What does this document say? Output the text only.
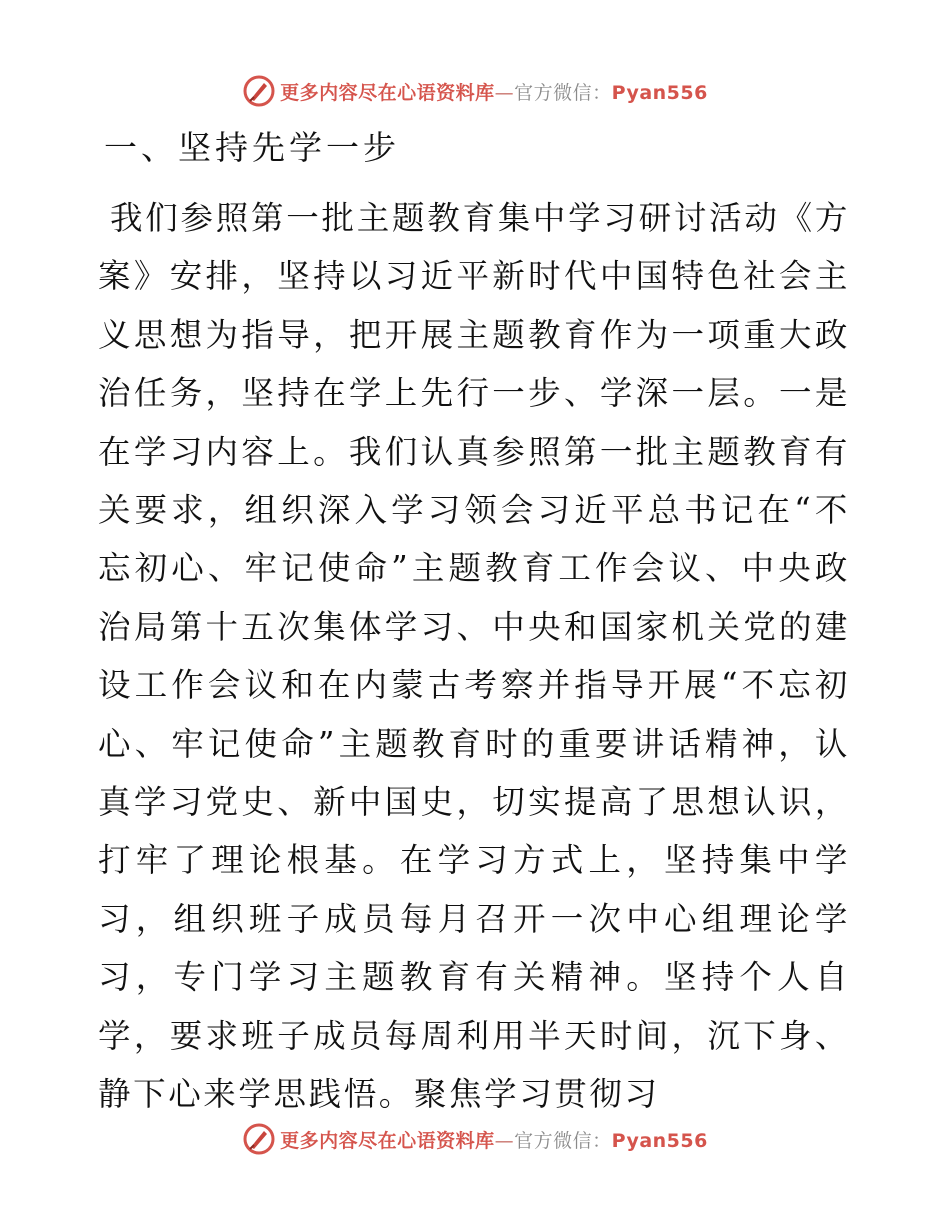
更多内容尽在心语资料库—官方微信：Pyan556
一、坚持先学一步

我们参照第一批主题教育集中学习研讨活动《方案》安排，坚持以习近平新时代中国特色社会主义思想为指导，把开展主题教育作为一项重大政治任务，坚持在学上先行一步、学深一层。一是在学习内容上。我们认真参照第一批主题教育有关要求，组织深入学习领会习近平总书记在“不忘初心、牢记使命”主题教育工作会议、中央政治局第十五次集体学习、中央和国家机关党的建设工作会议和在内蒙古考察并指导开展“不忘初心、牢记使命”主题教育时的重要讲话精神，认真学习党史、新中国史，切实提高了思想认识，打牢了理论根基。在学习方式上，坚持集中学习，组织班子成员每月召开一次中心组理论学习，专门学习主题教育有关精神。坚持个人自学，要求班子成员每周利用半天时间，沉下身、静下心来学思践悟。聚焦学习贯彻习

更多内容尽在心语资料库—官方微信：Pyan556
